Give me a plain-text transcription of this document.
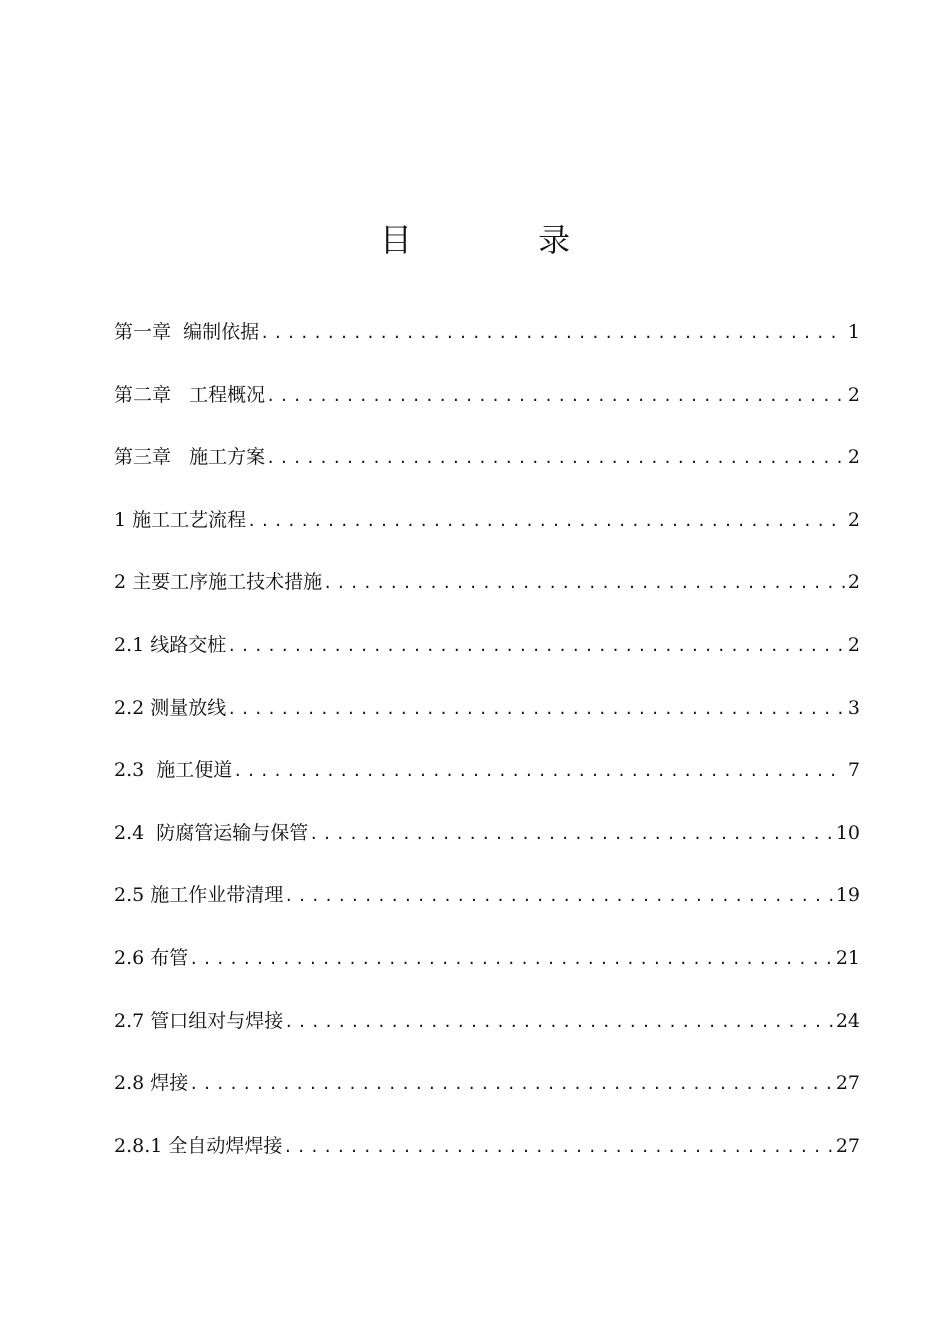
目 录
第一章  编制依据 .....	1
第二章   工程概况 .....	2
第三章   施工方案 .....	2
1 施工工艺流程 .....	2
2 主要工序施工技术措施 .....	2
2.1 线路交桩 .....	2
2.2 测量放线 .....	3
2.3  施工便道 .....	7
2.4  防腐管运输与保管 .....	10
2.5 施工作业带清理 .....	19
2.6 布管 .....	21
2.7 管口组对与焊接 .....	24
2.8 焊接 .....	27
2.8.1 全自动焊焊接 .....	27
